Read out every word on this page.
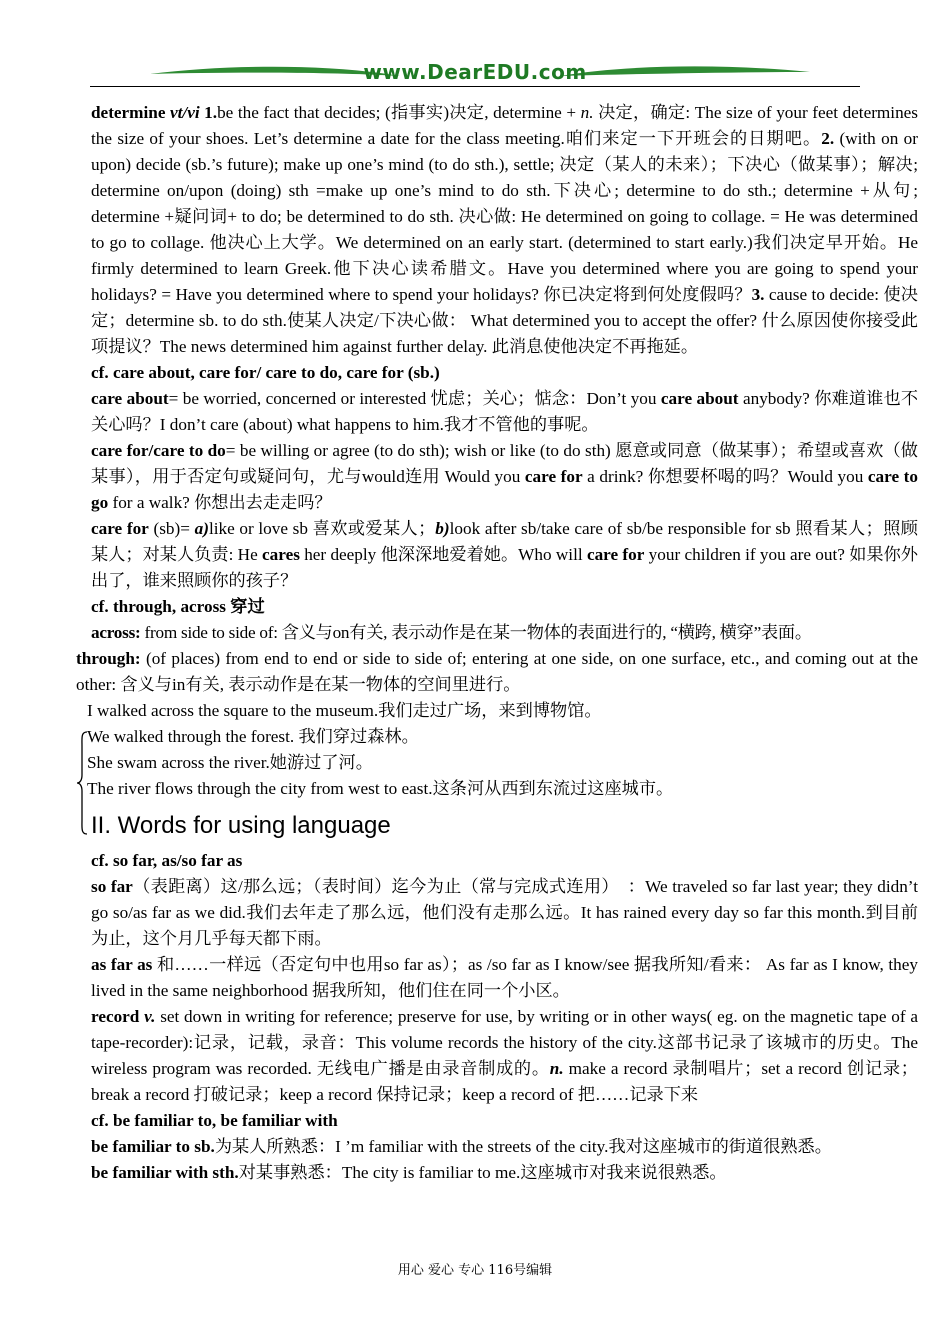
www.DearEDU.com

determine vt/vi 1.be the fact that decides; (指事实)决定, determine + n. 决定，确定: The size of your feet determines the size of your shoes. Let’s determine a date for the class meeting.咱们来定一下开班会的日期吧。2. (with on or upon) decide (sb.’s future); make up one’s mind (to do sth.), settle; 决定（某人的未来）；下决心（做某事）；解决; determine on/upon (doing) sth =make up one’s mind to do sth.下决心; determine to do sth.; determine +从句; determine +疑问词+ to do; be determined to do sth. 决心做: He determined on going to collage. = He was determined to go to collage. 他决心上大学。We determined on an early start. (determined to start early.)我们决定早开始。He firmly determined to learn Greek.他下决心读希腊文。Have you determined where you are going to spend your holidays? = Have you determined where to spend your holidays? 你已决定将到何处度假吗？3. cause to decide: 使决定；determine sb. to do sth.使某人决定/下决心做： What determined you to accept the offer? 什么原因使你接受此项提议？The news determined him against further delay. 此消息使他决定不再拖延。

cf. care about, care for/ care to do, care for (sb.)

care about= be worried, concerned or interested 忧虑；关心；惦念：Don’t you care about anybody? 你难道谁也不关心吗？I don’t care (about) what happens to him.我才不管他的事呢。

care for/care to do= be willing or agree (to do sth); wish or like (to do sth) 愿意或同意（做某事）；希望或喜欢（做某事），用于否定句或疑问句，尤与would连用 Would you care for a drink? 你想要杯喝的吗？Would you care to go for a walk? 你想出去走走吗？

care for (sb)= a)like or love sb 喜欢或爱某人；b)look after sb/take care of sb/be responsible for sb 照看某人；照顾某人；对某人负责: He cares her deeply 他深深地爱着她。Who will care for your children if you are out? 如果你外出了，谁来照顾你的孩子？

cf. through, across 穿过

across: from side to side of: 含义与on有关, 表示动作是在某一物体的表面进行的, “横跨, 横穿”表面。

through: (of places) from end to end or side to side of; entering at one side, on one surface, etc., and coming out at the other: 含义与in有关, 表示动作是在某一物体的空间里进行。

I walked across the square to the museum.我们走过广场，来到博物馆。

We walked through the forest. 我们穿过森林。

She swam across the river.她游过了河。

The river flows through the city from west to east.这条河从西到东流过这座城市。

II. Words for using language

cf. so far, as/so far as

so far（表距离）这/那么远；（表时间）迄今为止（常与完成式连用）　：We traveled so far last year; they didn’t go so/as far as we did.我们去年走了那么远，他们没有走那么远。It has rained every day so far this month.到目前为止，这个月几乎每天都下雨。

as far as 和……一样远（否定句中也用so far as）；as /so far as I know/see 据我所知/看来： As far as I know, they lived in the same neighborhood 据我所知，他们住在同一个小区。

record v. set down in writing for reference; preserve for use, by writing or in other ways( eg. on the magnetic tape of a tape-recorder):记录，记载，录音：This volume records the history of the city.这部书记录了该城市的历史。The wireless program was recorded. 无线电广播是由录音制成的。n. make a record 录制唱片；set a record 创记录；break a record 打破记录；keep a record 保持记录；keep a record of 把……记录下来

cf. be familiar to, be familiar with

be familiar to sb.为某人所熟悉：I ’m familiar with the streets of the city.我对这座城市的街道很熟悉。

be familiar with sth.对某事熟悉：The city is familiar to me.这座城市对我来说很熟悉。

用心 爱心 专心 116号编辑
